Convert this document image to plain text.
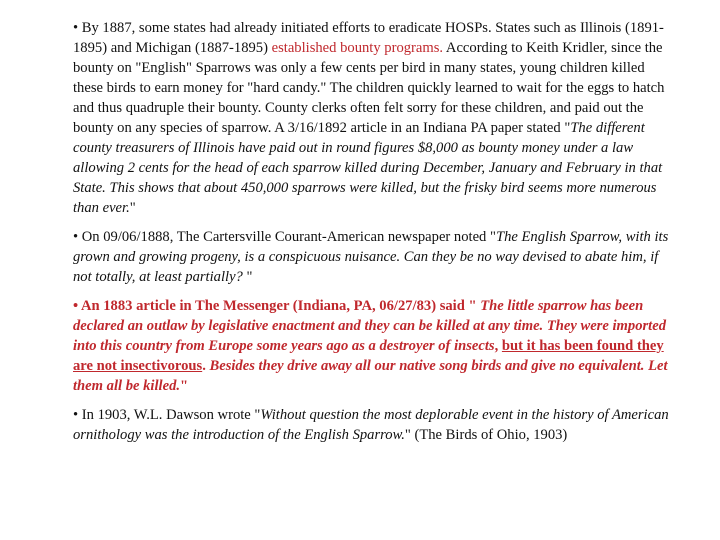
• By 1887, some states had already initiated efforts to eradicate HOSPs. States such as Illinois (1891-1895) and Michigan (1887-1895) established bounty programs. According to Keith Kridler, since the bounty on "English" Sparrows was only a few cents per bird in many states, young children killed these birds to earn money for "hard candy." The children quickly learned to wait for the eggs to hatch and thus quadruple their bounty. County clerks often felt sorry for these children, and paid out the bounty on any species of sparrow. A 3/16/1892 article in an Indiana PA paper stated "The different county treasurers of Illinois have paid out in round figures $8,000 as bounty money under a law allowing 2 cents for the head of each sparrow killed during December, January and February in that State. This shows that about 450,000 sparrows were killed, but the frisky bird seems more numerous than ever."

• On 09/06/1888, The Cartersville Courant-American newspaper noted "The English Sparrow, with its grown and growing progeny, is a conspicuous nuisance. Can they be no way devised to abate him, if not totally, at least partially? "

• An 1883 article in The Messenger (Indiana, PA, 06/27/83) said " The little sparrow has been declared an outlaw by legislative enactment and they can be killed at any time. They were imported into this country from Europe some years ago as a destroyer of insects, but it has been found they are not insectivorous. Besides they drive away all our native song birds and give no equivalent. Let them all be killed."

• In 1903, W.L. Dawson wrote "Without question the most deplorable event in the history of American ornithology was the introduction of the English Sparrow." (The Birds of Ohio, 1903)
